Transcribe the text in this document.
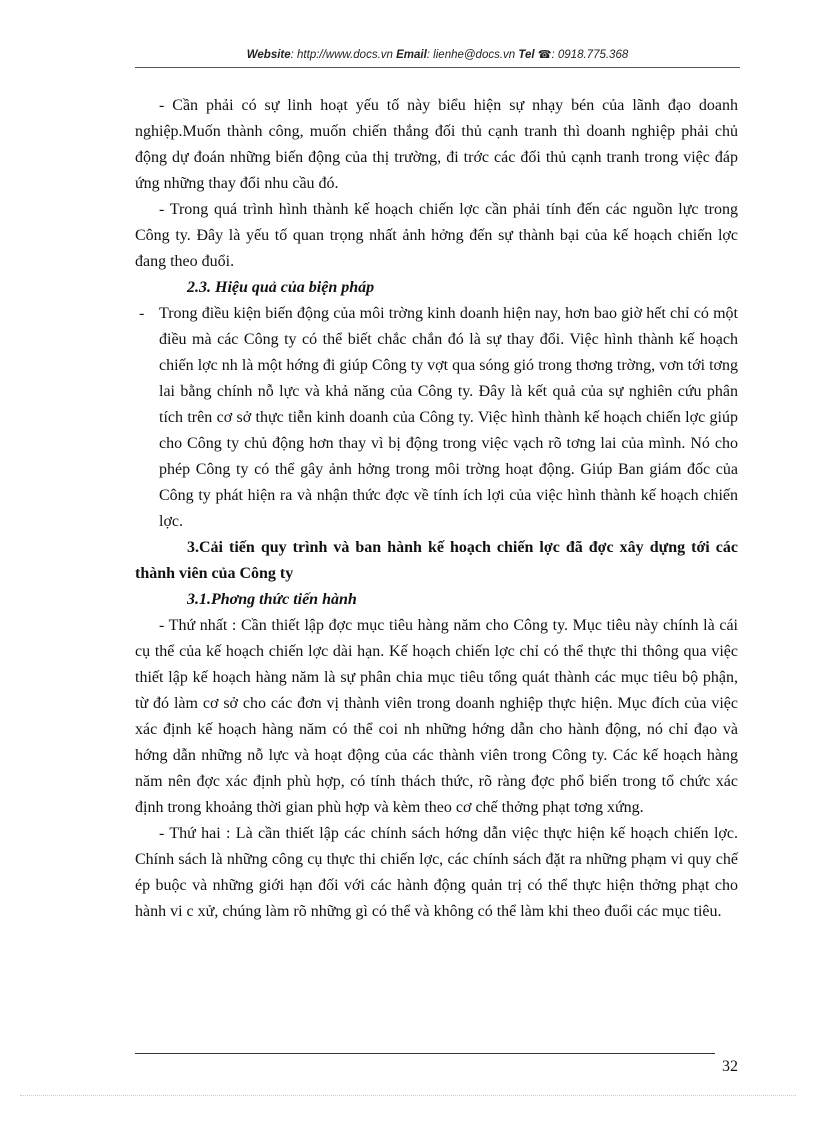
Website: http://www.docs.vn Email: lienhe@docs.vn Tel ☎: 0918.775.368

- Cần phải có sự linh hoạt yếu tố này biểu hiện sự nhạy bén của lãnh đạo doanh nghiệp.Muốn thành công, muốn chiến thắng đối thủ cạnh tranh thì doanh nghiệp phải chủ động dự đoán những biến động của thị trường, đi trớc các đối thủ cạnh tranh trong việc đáp ứng những thay đổi nhu cầu đó.

- Trong quá trình hình thành kế hoạch chiến lợc cần phải tính đến các nguồn lực trong Công ty. Đây là yếu tố quan trọng nhất ảnh hởng đến sự thành bại của kế hoạch chiến lợc đang theo đuổi.

2.3. Hiệu quả của biện pháp

- Trong điều kiện biến động của môi trờng kinh doanh hiện nay, hơn bao giờ hết chỉ có một điều mà các Công ty có thể biết chắc chắn đó là sự thay đổi. Việc hình thành kế hoạch chiến lợc nh là một hớng đi giúp Công ty vợt qua sóng gió trong thơng trờng, vơn tới tơng lai bằng chính nỗ lực và khả năng của Công ty. Đây là kết quả của sự nghiên cứu phân tích trên cơ sở thực tiễn kinh doanh của Công ty. Việc hình thành kế hoạch chiến lợc giúp cho Công ty chủ động hơn thay vì bị động trong việc vạch rõ tơng lai của mình. Nó cho phép Công ty có thể gây ảnh hởng trong môi trờng hoạt động. Giúp Ban giám đốc của Công ty phát hiện ra và nhận thức đợc về tính ích lợi của việc hình thành kế hoạch chiến lợc.

3.Cải tiến quy trình và ban hành kế hoạch chiến lợc đã đợc xây dựng tới các thành viên của Công ty

3.1.Phơng thức tiến hành

- Thứ nhất : Cần thiết lập đợc mục tiêu hàng năm cho Công ty. Mục tiêu này chính là cái cụ thể của kế hoạch chiến lợc dài hạn. Kế hoạch chiến lợc chỉ có thể thực thi thông qua việc thiết lập kế hoạch hàng năm là sự phân chia mục tiêu tổng quát thành các mục tiêu bộ phận, từ đó làm cơ sở cho các đơn vị thành viên trong doanh nghiệp thực hiện. Mục đích của việc xác định kế hoạch hàng năm có thể coi nh những hớng dẫn cho hành động, nó chỉ đạo và hớng dẫn những nỗ lực và hoạt động của các thành viên trong Công ty. Các kế hoạch hàng năm nên đợc xác định phù hợp, có tính thách thức, rõ ràng đợc phổ biến trong tổ chức xác định trong khoảng thời gian phù hợp và kèm theo cơ chế thởng phạt tơng xứng.

- Thứ hai : Là cần thiết lập các chính sách hớng dẫn việc thực hiện kế hoạch chiến lợc. Chính sách là những công cụ thực thi chiến lợc, các chính sách đặt ra những phạm vi quy chế ép buộc và những giới hạn đối với các hành động quản trị có thể thực hiện thởng phạt cho hành vi c xử, chúng làm rõ những gì có thể và không có thể làm khi theo đuổi các mục tiêu.

32
